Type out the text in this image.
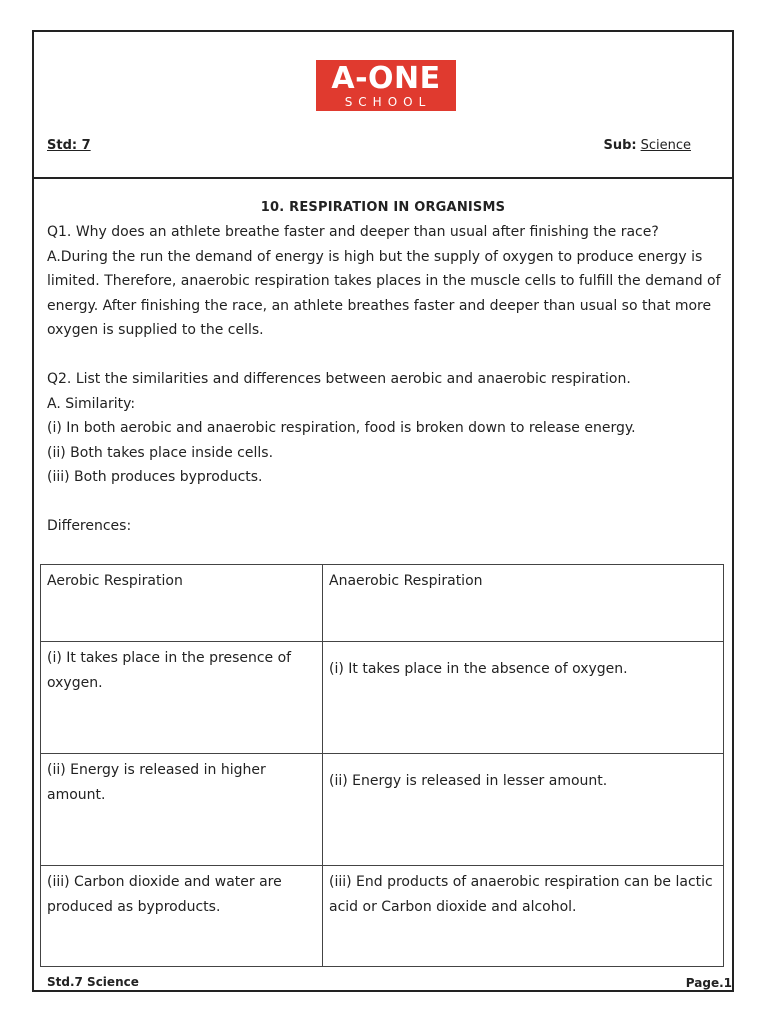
A-ONE
SCHOOL
Std: 7	Sub: Science
10. RESPIRATION IN ORGANISMS

Q1. Why does an athlete breathe faster and deeper than usual after finishing the race?

A.During the run the demand of energy is high but the supply of oxygen to produce energy is limited. Therefore, anaerobic respiration takes places in the muscle cells to fulfill the demand of energy. After finishing the race, an athlete breathes faster and deeper than usual so that more oxygen is supplied to the cells.

Q2. List the similarities and differences between aerobic and anaerobic respiration.

A. Similarity:

(i) In both aerobic and anaerobic respiration, food is broken down to release energy.

(ii) Both takes place inside cells.

(iii) Both produces byproducts.

Differences:

Aerobic Respiration	Anaerobic Respiration
(i) It takes place in the presence of oxygen.	(i) It takes place in the absence of oxygen.
(ii) Energy is released in higher amount.	(ii) Energy is released in lesser amount.
(iii) Carbon dioxide and water are produced as byproducts.	(iii) End products of anaerobic respiration can be lactic acid or Carbon dioxide and alcohol.
Std.7 Science	Page.1
